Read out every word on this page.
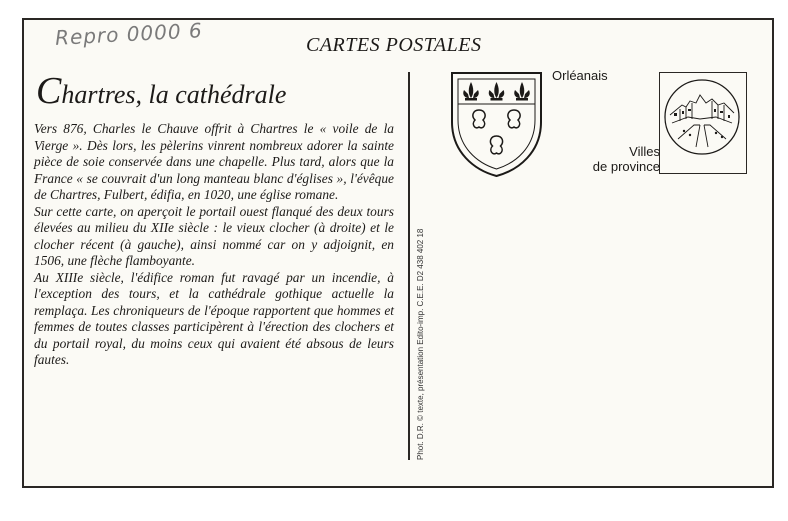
Repro 0000 6	CARTES POSTALES
Chartres, la cathédrale

Vers 876, Charles le Chauve offrit à Chartres le « voile de la Vierge ». Dès lors, les pèlerins vinrent nombreux adorer la sainte pièce de soie conservée dans une chapelle. Plus tard, alors que la France « se couvrait d'un long manteau blanc d'églises », l'évêque de Chartres, Fulbert, édifia, en 1020, une église romane.

Sur cette carte, on aperçoit le portail ouest flanqué des deux tours élevées au milieu du XIIe siècle : le vieux clocher (à droite) et le clocher récent (à gauche), ainsi nommé car on y adjoignit, en 1506, une flèche flamboyante.

Au XIIIe siècle, l'édifice roman fut ravagé par un incendie, à l'exception des tours, et la cathédrale gothique actuelle la remplaça. Les chroniqueurs de l'époque rapportent que hommes et femmes de toutes classes participèrent à l'érection des clochers et du portail royal, du moins ceux qui avaient été absous de leurs fautes.	Phot. D.R. © texte, présentation Edito-imp. C.E.E. D2 438 402 18
Orléanais
Villes
de province
